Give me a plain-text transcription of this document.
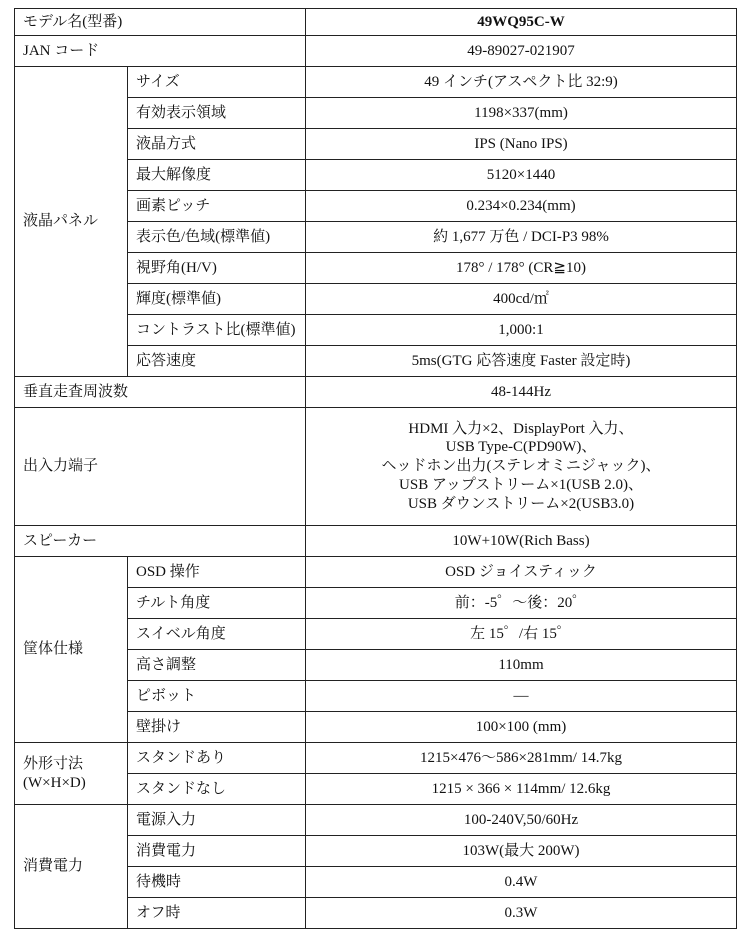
モデル名(型番)		49WQ95C-W
JAN コード		49-89027-021907
液晶パネル	サイズ	49 インチ(アスペクト比 32:9)
	有効表示領域	1198×337(mm)
	液晶方式	IPS (Nano IPS)
	最大解像度	5120×1440
	画素ピッチ	0.234×0.234(mm)
	表示色/色域(標準値)	約 1,677 万色 / DCI-P3 98%
	視野角(H/V)	178° / 178° (CR≧10)
	輝度(標準値)	400cd/㎡
	コントラスト比(標準値)	1,000:1
	応答速度	5ms(GTG 応答速度 Faster 設定時)
垂直走査周波数		48-144Hz
出入力端子		HDMI 入力×2、DisplayPort 入力、
USB Type-C(PD90W)、
ヘッドホン出力(ステレオミニジャック)、
USB アップストリーム×1(USB 2.0)、
USB ダウンストリーム×2(USB3.0)

スピーカー		10W+10W(Rich Bass)
筐体仕様	OSD 操作	OSD ジョイスティック
	チルト角度	前：-5゜～後：20゜
	スイベル角度	左 15゜/右 15゜
	高さ調整	110mm
	ピボット	—
	壁掛け	100×100 (mm)

外形寸法
(W×H×D)	スタンドあり	1215×476～586×281mm/ 14.7kg
	スタンドなし	1215 × 366 × 114mm/ 12.6kg
消費電力	電源入力	100-240V,50/60Hz
	消費電力	103W(最大 200W)
	待機時	0.4W
	オフ時	0.3W
